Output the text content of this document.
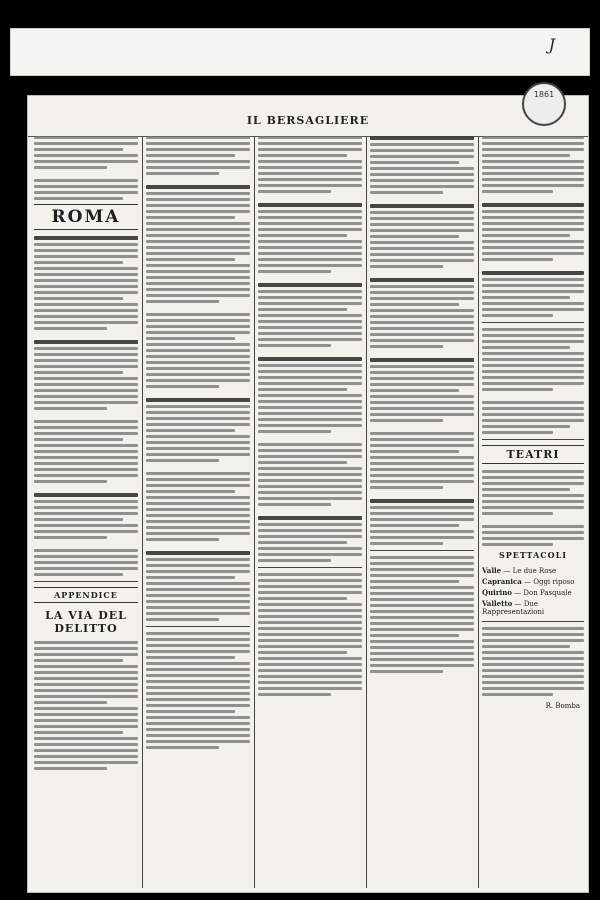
J
1861
IL BERSAGLIERE
ROMA
APPENDICE
LA VIA DEL DELITTO
TEATRI
SPETTACOLI
Valle — Le due Rose
Capranica — Oggi riposo
Quirino — Don Pasquale
Valletto — Due Rappresentazioni
R. Bomba
